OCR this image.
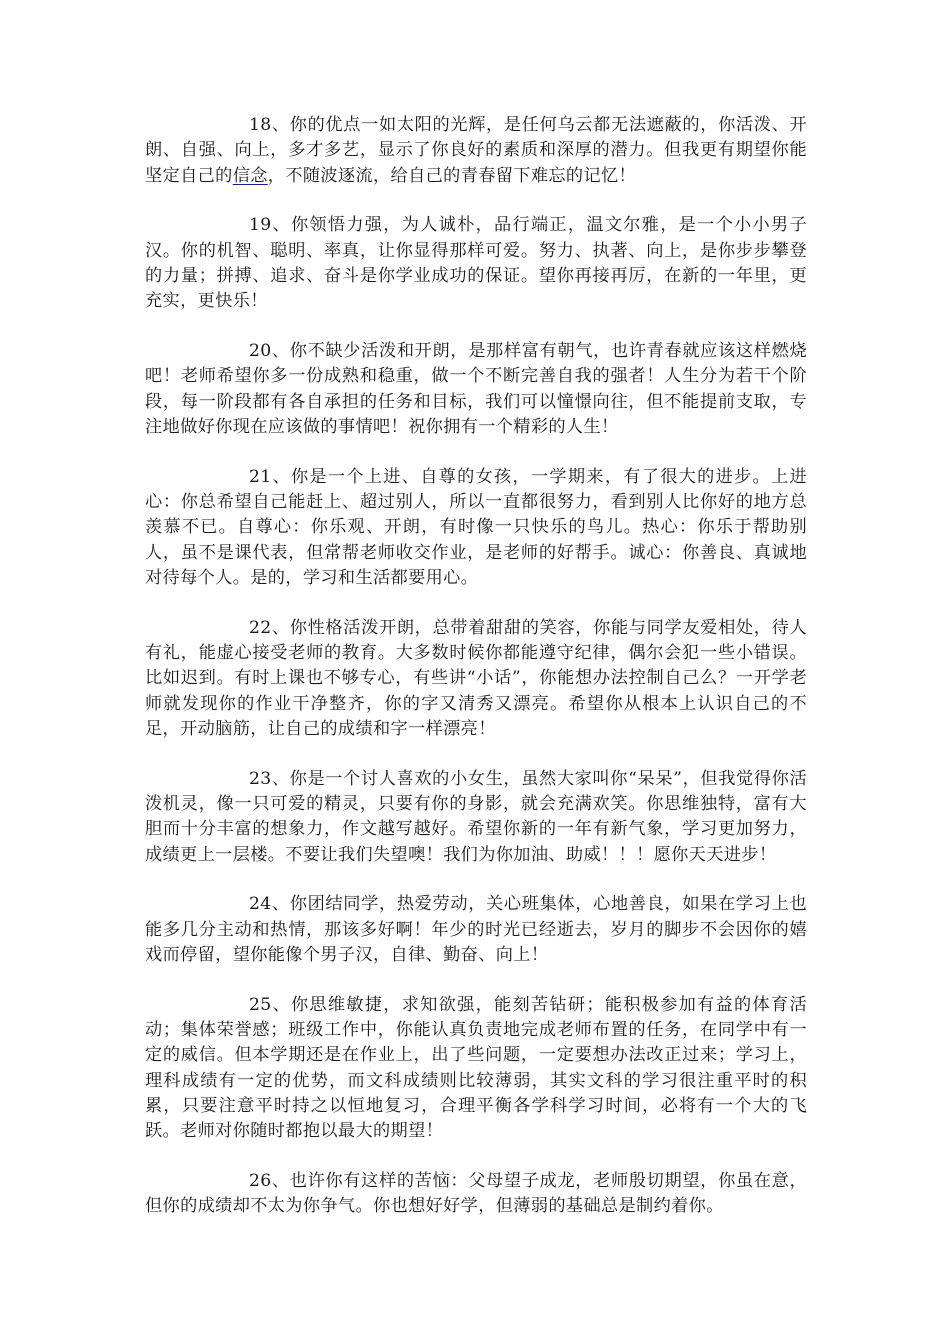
18、你的优点一如太阳的光辉，是任何乌云都无法遮蔽的，你活泼、开朗、自强、向上，多才多艺，显示了你良好的素质和深厚的潜力。但我更有期望你能坚定自己的信念，不随波逐流，给自己的青春留下难忘的记忆！

19、你领悟力强，为人诚朴，品行端正，温文尔雅，是一个小小男子汉。你的机智、聪明、率真，让你显得那样可爱。努力、执著、向上，是你步步攀登的力量；拼搏、追求、奋斗是你学业成功的保证。望你再接再厉，在新的一年里，更充实，更快乐！

20、你不缺少活泼和开朗，是那样富有朝气，也许青春就应该这样燃烧吧！老师希望你多一份成熟和稳重，做一个不断完善自我的强者！人生分为若干个阶段，每一阶段都有各自承担的任务和目标，我们可以憧憬向往，但不能提前支取，专注地做好你现在应该做的事情吧！祝你拥有一个精彩的人生！

21、你是一个上进、自尊的女孩，一学期来，有了很大的进步。上进心：你总希望自己能赶上、超过别人，所以一直都很努力，看到别人比你好的地方总羡慕不已。自尊心：你乐观、开朗，有时像一只快乐的鸟儿。热心：你乐于帮助别人，虽不是课代表，但常帮老师收交作业，是老师的好帮手。诚心：你善良、真诚地对待每个人。是的，学习和生活都要用心。

22、你性格活泼开朗，总带着甜甜的笑容，你能与同学友爱相处，待人有礼，能虚心接受老师的教育。大多数时候你都能遵守纪律，偶尔会犯一些小错误。比如迟到。有时上课也不够专心，有些讲“小话”，你能想办法控制自己么？一开学老师就发现你的作业干净整齐，你的字又清秀又漂亮。希望你从根本上认识自己的不足，开动脑筋，让自己的成绩和字一样漂亮！

23、你是一个讨人喜欢的小女生，虽然大家叫你“呆呆”，但我觉得你活泼机灵，像一只可爱的精灵，只要有你的身影，就会充满欢笑。你思维独特，富有大胆而十分丰富的想象力，作文越写越好。希望你新的一年有新气象，学习更加努力，成绩更上一层楼。不要让我们失望噢！我们为你加油、助威！！！愿你天天进步！

24、你团结同学，热爱劳动，关心班集体，心地善良，如果在学习上也能多几分主动和热情，那该多好啊！年少的时光已经逝去，岁月的脚步不会因你的嬉戏而停留，望你能像个男子汉，自律、勤奋、向上！

25、你思维敏捷，求知欲强，能刻苦钻研；能积极参加有益的体育活动；集体荣誉感；班级工作中，你能认真负责地完成老师布置的任务，在同学中有一定的威信。但本学期还是在作业上，出了些问题，一定要想办法改正过来；学习上，理科成绩有一定的优势，而文科成绩则比较薄弱，其实文科的学习很注重平时的积累，只要注意平时持之以恒地复习，合理平衡各学科学习时间，必将有一个大的飞跃。老师对你随时都抱以最大的期望！

26、也许你有这样的苦恼：父母望子成龙，老师殷切期望，你虽在意，但你的成绩却不太为你争气。你也想好好学，但薄弱的基础总是制约着你。
